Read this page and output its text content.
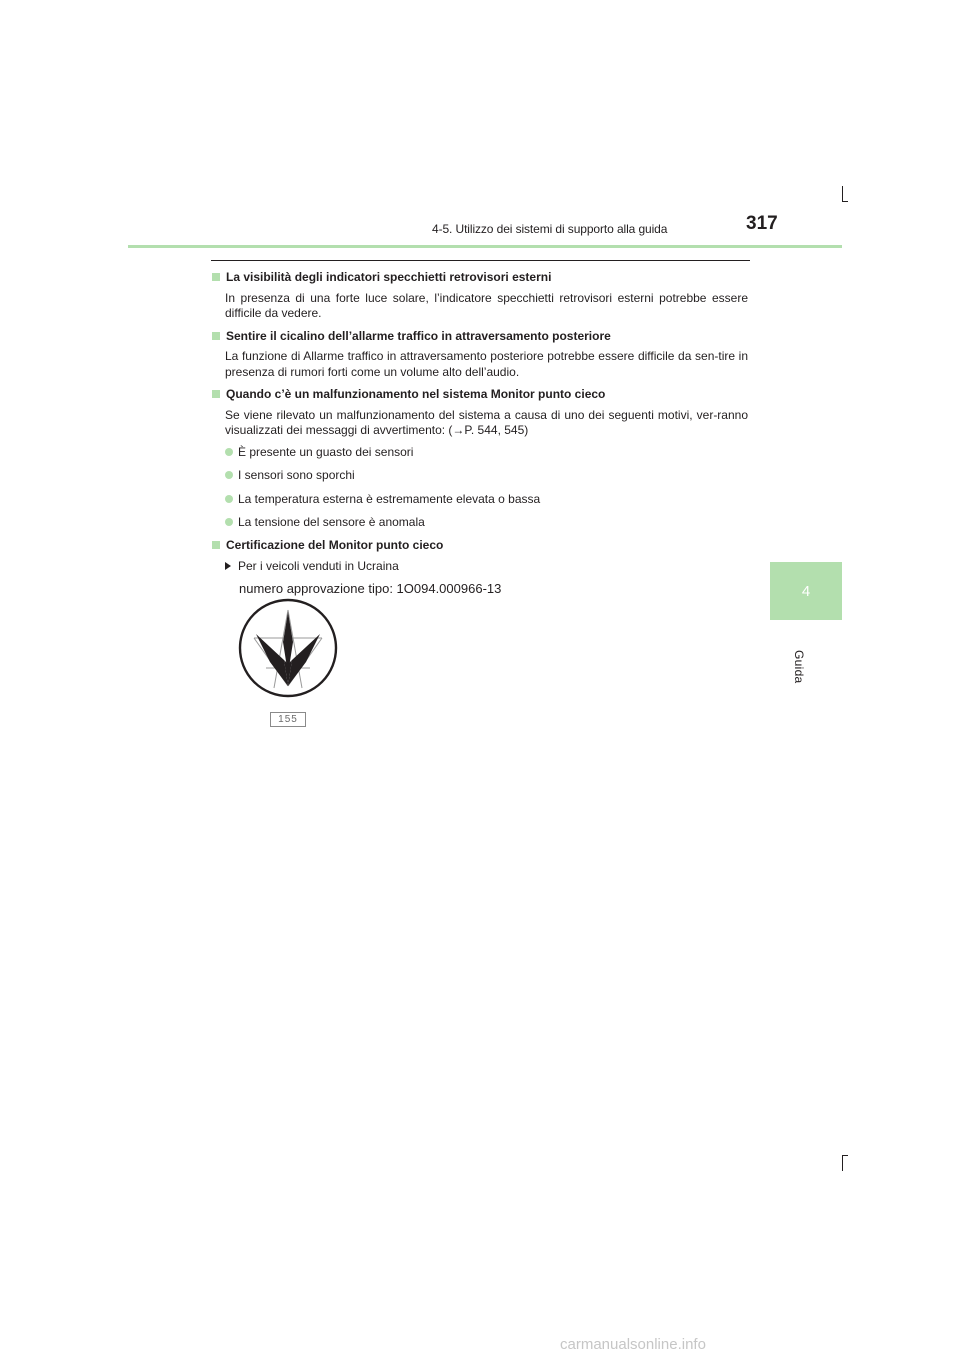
4-5. Utilizzo dei sistemi di supporto alla guida	317
4
Guida
La visibilità degli indicatori specchietti retrovisori esterni
In presenza di una forte luce solare, l’indicatore specchietti retrovisori esterni potrebbe essere difficile da vedere.
Sentire il cicalino dell’allarme traffico in attraversamento posteriore
La funzione di Allarme traffico in attraversamento posteriore potrebbe essere difficile da sen-tire in presenza di rumori forti come un volume alto dell’audio.
Quando c’è un malfunzionamento nel sistema Monitor punto cieco
Se viene rilevato un malfunzionamento del sistema a causa di uno dei seguenti motivi, ver-ranno visualizzati dei messaggi di avvertimento: (→P. 544, 545)
È presente un guasto dei sensori
I sensori sono sporchi
La temperatura esterna è estremamente elevata o bassa
La tensione del sensore è anomala
Certificazione del Monitor punto cieco
Per i veicoli venduti in Ucraina
numero approvazione tipo: 1O094.000966-13
155
carmanualsonline.info
